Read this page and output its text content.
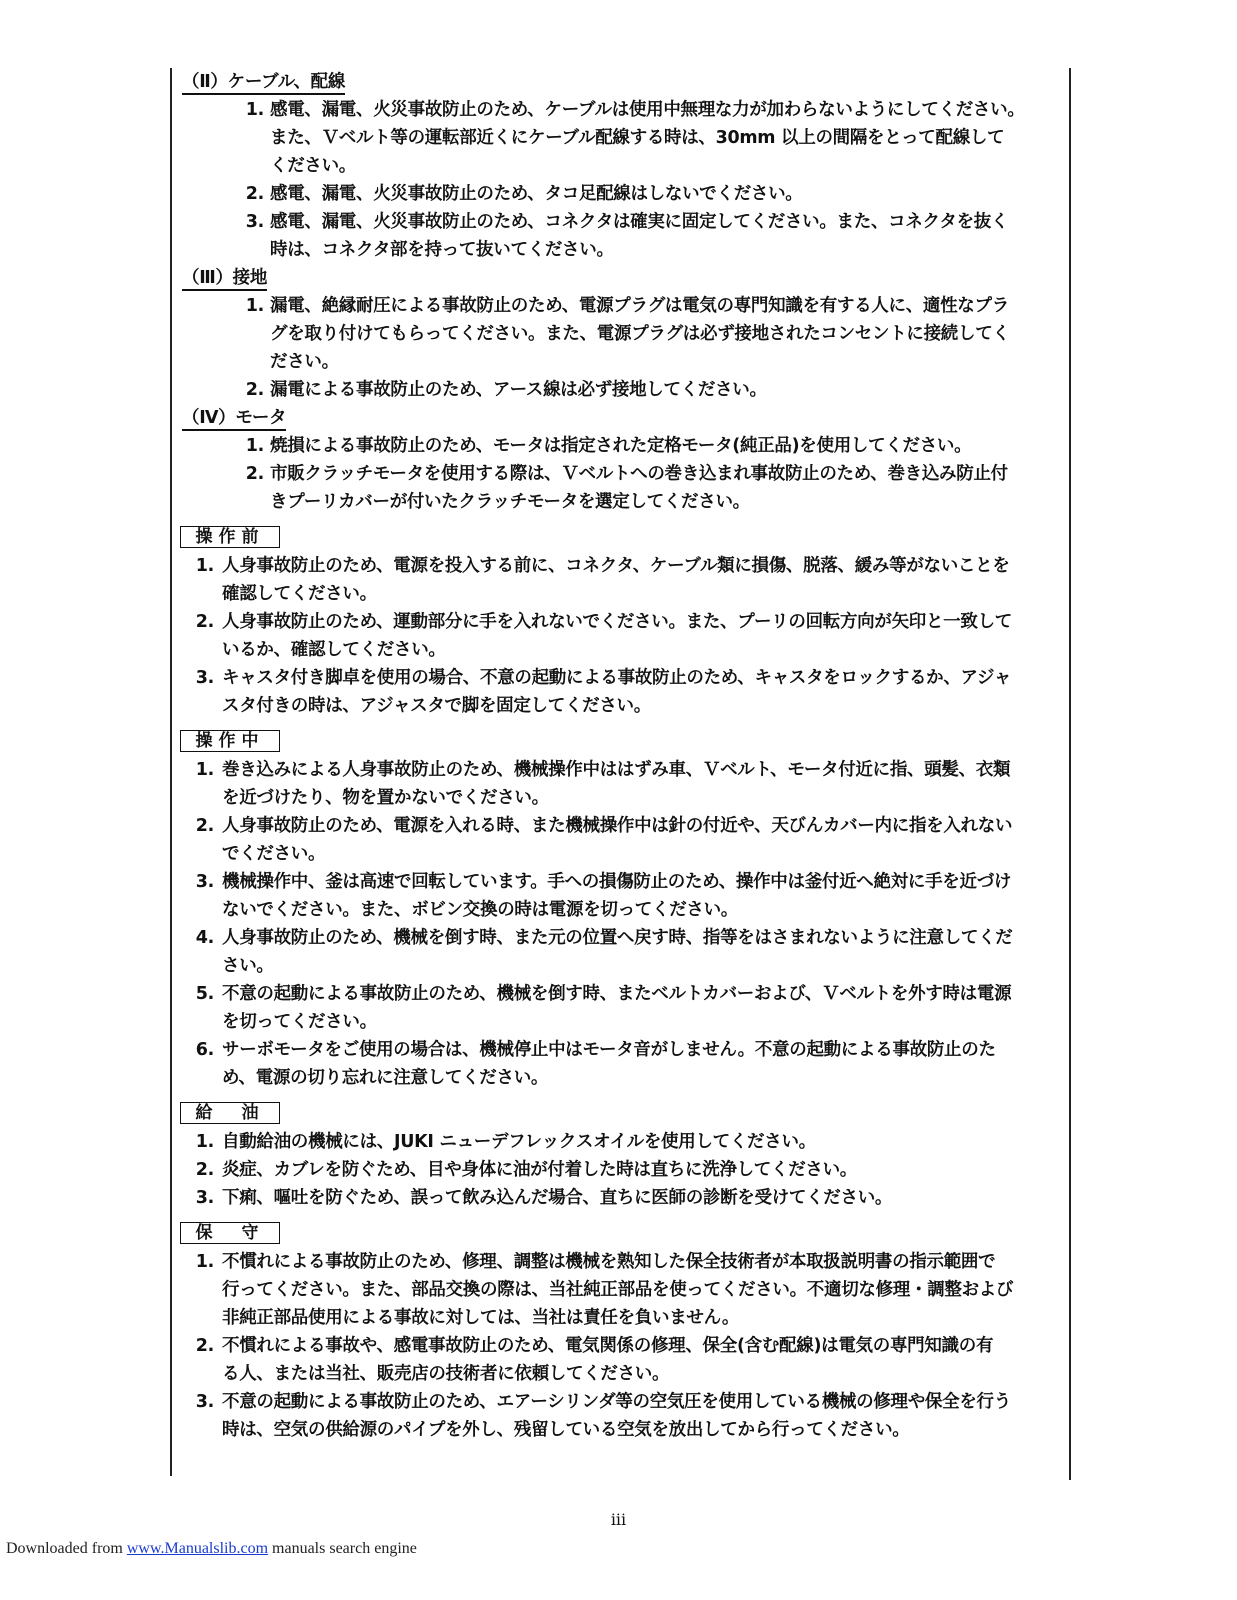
（Ⅱ）ケーブル、配線
1. 感電、漏電、火災事故防止のため、ケーブルは使用中無理な力が加わらないようにしてください。
また、Ｖベルト等の運転部近くにケーブル配線する時は、30mm 以上の間隔をとって配線して
ください。
2. 感電、漏電、火災事故防止のため、タコ足配線はしないでください。
3. 感電、漏電、火災事故防止のため、コネクタは確実に固定してください。また、コネクタを抜く
時は、コネクタ部を持って抜いてください。
（Ⅲ）接地
1. 漏電、絶縁耐圧による事故防止のため、電源プラグは電気の専門知識を有する人に、適性なプラ
グを取り付けてもらってください。また、電源プラグは必ず接地されたコンセントに接続してく
ださい。
2. 漏電による事故防止のため、アース線は必ず接地してください。
（Ⅳ）モータ
1. 焼損による事故防止のため、モータは指定された定格モータ(純正品)を使用してください。
2. 市販クラッチモータを使用する際は、Ｖベルトへの巻き込まれ事故防止のため、巻き込み防止付
きプーリカバーが付いたクラッチモータを選定してください。
操作前
1. 人身事故防止のため、電源を投入する前に、コネクタ、ケーブル類に損傷、脱落、緩み等がないことを
確認してください。
2. 人身事故防止のため、運動部分に手を入れないでください。また、プーリの回転方向が矢印と一致して
いるか、確認してください。
3. キャスタ付き脚卓を使用の場合、不意の起動による事故防止のため、キャスタをロックするか、アジャ
スタ付きの時は、アジャスタで脚を固定してください。
操作中
1. 巻き込みによる人身事故防止のため、機械操作中ははずみ車、Ｖベルト、モータ付近に指、頭髪、衣類
を近づけたり、物を置かないでください。
2. 人身事故防止のため、電源を入れる時、また機械操作中は針の付近や、天びんカバー内に指を入れない
でください。
3. 機械操作中、釜は高速で回転しています。手への損傷防止のため、操作中は釜付近へ絶対に手を近づけ
ないでください。また、ボビン交換の時は電源を切ってください。
4. 人身事故防止のため、機械を倒す時、また元の位置へ戻す時、指等をはさまれないように注意してくだ
さい。
5. 不意の起動による事故防止のため、機械を倒す時、またベルトカバーおよび、Ｖベルトを外す時は電源
を切ってください。
6. サーボモータをご使用の場合は、機械停止中はモータ音がしません。不意の起動による事故防止のた
め、電源の切り忘れに注意してください。
給　油
1. 自動給油の機械には、JUKI ニューデフレックスオイルを使用してください。
2. 炎症、カブレを防ぐため、目や身体に油が付着した時は直ちに洗浄してください。
3. 下痢、嘔吐を防ぐため、誤って飲み込んだ場合、直ちに医師の診断を受けてください。
保　守
1. 不慣れによる事故防止のため、修理、調整は機械を熟知した保全技術者が本取扱説明書の指示範囲で
行ってください。また、部品交換の際は、当社純正部品を使ってください。不適切な修理・調整および
非純正部品使用による事故に対しては、当社は責任を負いません。
2. 不慣れによる事故や、感電事故防止のため、電気関係の修理、保全(含む配線)は電気の専門知識の有
る人、または当社、販売店の技術者に依頼してください。
3. 不意の起動による事故防止のため、エアーシリンダ等の空気圧を使用している機械の修理や保全を行う
時は、空気の供給源のパイプを外し、残留している空気を放出してから行ってください。
iii
Downloaded from www.Manualslib.com manuals search engine
